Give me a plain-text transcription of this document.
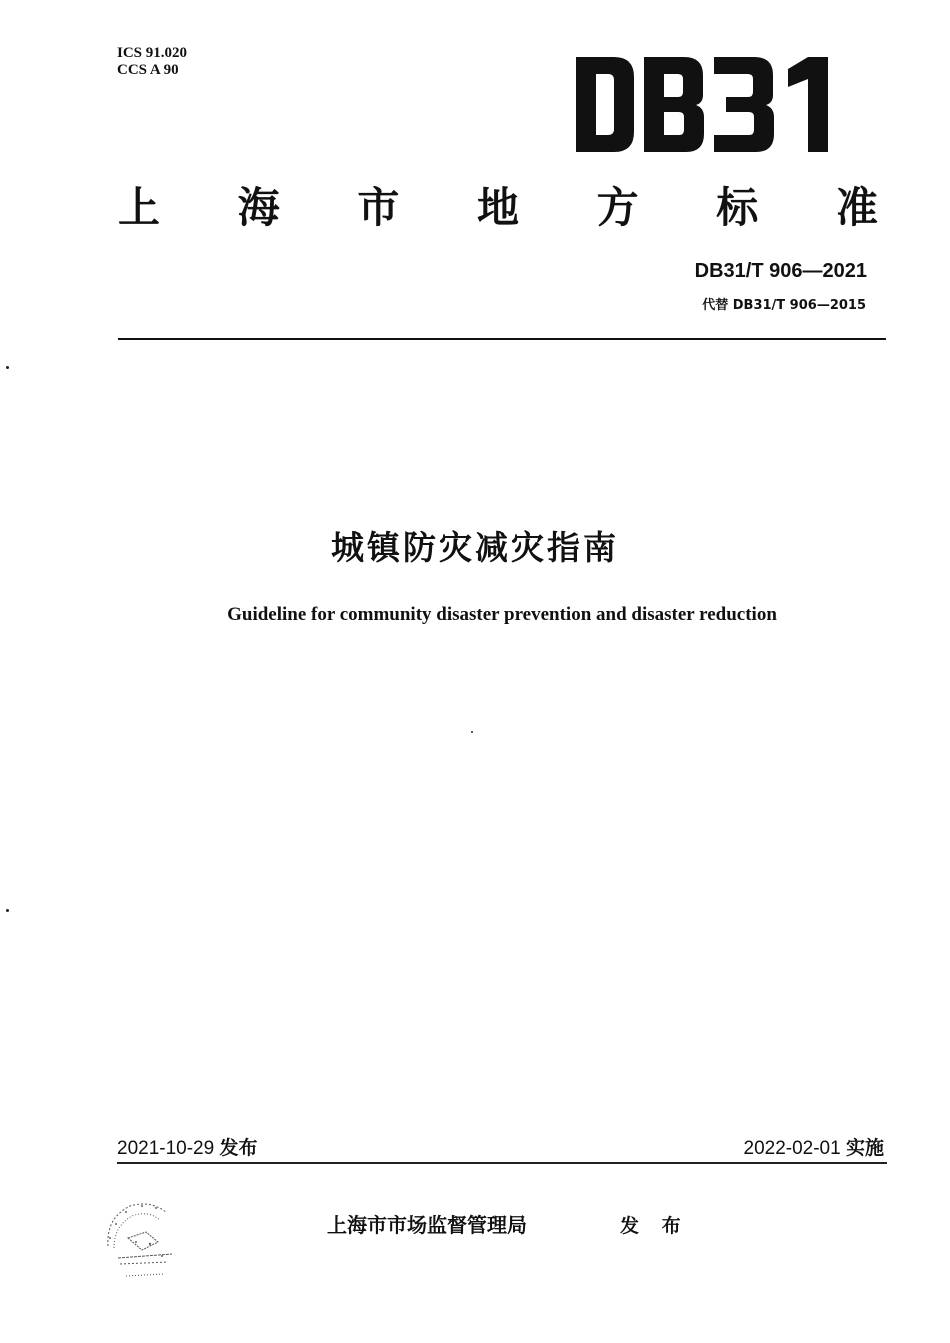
ICS 91.020
CCS A 90
上 海 市 地 方 标 准
DB31/T 906—2021
代替 DB31/T 906—2015
城镇防灾减灾指南
Guideline for community disaster prevention and disaster reduction
2021-10-29 发布	2022-02-01 实施
上海市市场监督管理局	发 布
